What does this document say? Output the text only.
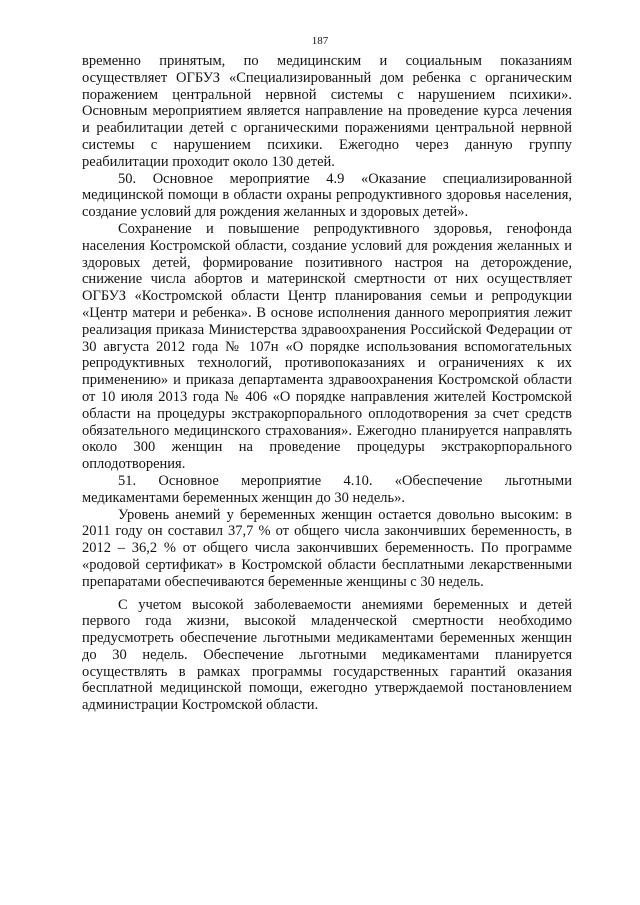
187

временно принятым, по медицинским и социальным показаниям осуществляет ОГБУЗ «Специализированный дом ребенка с органическим поражением центральной нервной системы с нарушением психики». Основным мероприятием является направление на проведение курса лечения и реабилитации детей с органическими поражениями центральной нервной системы с нарушением психики. Ежегодно через данную группу реабилитации проходит около 130 детей.

50. Основное мероприятие 4.9 «Оказание специализированной медицинской помощи в области охраны репродуктивного здоровья населения, создание условий для рождения желанных и здоровых детей».

Сохранение и повышение репродуктивного здоровья, генофонда населения Костромской области, создание условий для рождения желанных и здоровых детей, формирование позитивного настроя на деторождение, снижение числа абортов и материнской смертности от них осуществляет ОГБУЗ «Костромской области Центр планирования семьи и репродукции «Центр матери и ребенка». В основе исполнения данного мероприятия лежит реализация приказа Министерства здравоохранения Российской Федерации от 30 августа 2012 года № 107н «О порядке использования вспомогательных репродуктивных технологий, противопоказаниях и ограничениях к их применению» и приказа департамента здравоохранения Костромской области от 10 июля 2013 года № 406 «О порядке направления жителей Костромской области на процедуры экстракорпорального оплодотворения за счет средств обязательного медицинского страхования». Ежегодно планируется направлять около 300 женщин на проведение процедуры экстракорпорального оплодотворения.

51. Основное мероприятие 4.10. «Обеспечение льготными медикаментами беременных женщин до 30 недель».

Уровень анемий у беременных женщин остается довольно высоким: в 2011 году он составил 37,7 % от общего числа закончивших беременность, в 2012 – 36,2 % от общего числа закончивших беременность. По программе «родовой сертификат» в Костромской области бесплатными лекарственными препаратами обеспечиваются беременные женщины с 30 недель.

С учетом высокой заболеваемости анемиями беременных и детей первого года жизни, высокой младенческой смертности необходимо предусмотреть обеспечение льготными медикаментами беременных женщин до 30 недель. Обеспечение льготными медикаментами планируется осуществлять в рамках программы государственных гарантий оказания бесплатной медицинской помощи, ежегодно утверждаемой постановлением администрации Костромской области.
